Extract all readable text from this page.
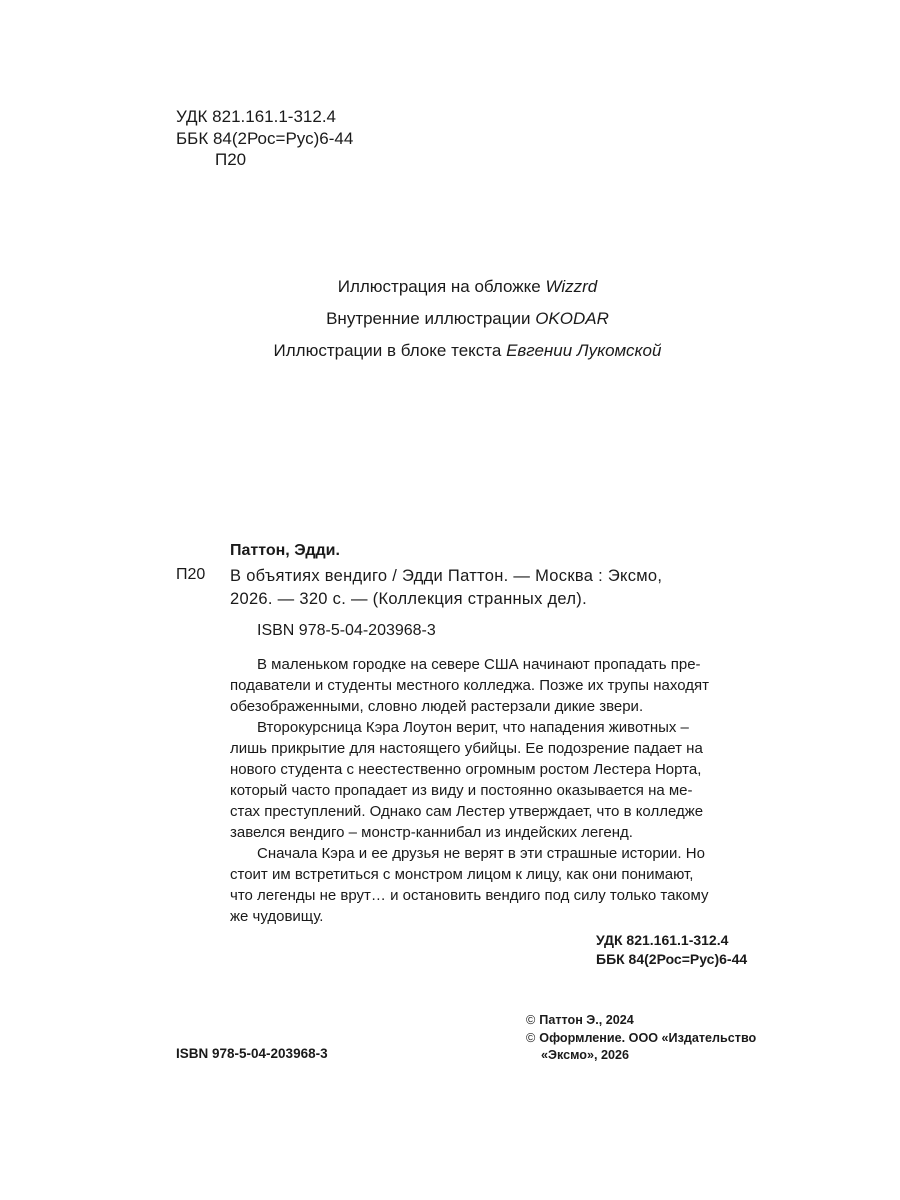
УДК 821.161.1-312.4
ББК 84(2Рос=Рус)6-44
П20
Иллюстрация на обложке Wizzrd
Внутренние иллюстрации OKODAR
Иллюстрации в блоке текста Евгении Лукомской
Паттон, Эдди.
П20 В объятиях вендиго / Эдди Паттон. — Москва : Эксмо,
2026. — 320 с. — (Коллекция странных дел).
ISBN 978-5-04-203968-3
В маленьком городке на севере США начинают пропадать пре-
подаватели и студенты местного колледжа. Позже их трупы находят
обезображенными, словно людей растерзали дикие звери.
Второкурсница Кэра Лоутон верит, что нападения животных –
лишь прикрытие для настоящего убийцы. Ее подозрение падает на
нового студента с неестественно огромным ростом Лестера Норта,
который часто пропадает из виду и постоянно оказывается на ме-
стах преступлений. Однако сам Лестер утверждает, что в колледже
завелся вендиго – монстр-каннибал из индейских легенд.
Сначала Кэра и ее друзья не верят в эти страшные истории. Но
стоит им встретиться с монстром лицом к лицу, как они понимают,
что легенды не врут… и остановить вендиго под силу только такому
же чудовищу.
УДК 821.161.1-312.4
ББК 84(2Рос=Рус)6-44
© Паттон Э., 2024
© Оформление. ООО «Издательство
«Эксмо», 2026
ISBN 978-5-04-203968-3
